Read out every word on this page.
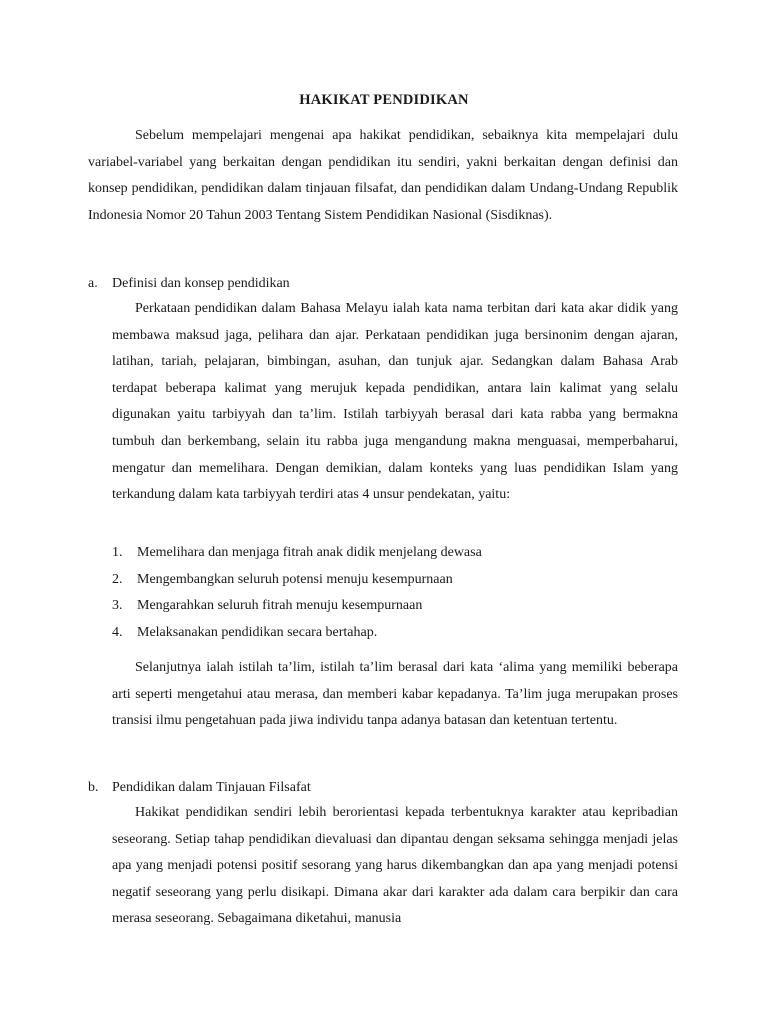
HAKIKAT PENDIDIKAN

Sebelum mempelajari mengenai apa hakikat pendidikan, sebaiknya kita mempelajari dulu variabel-variabel yang berkaitan dengan pendidikan itu sendiri, yakni berkaitan dengan definisi dan konsep pendidikan, pendidikan dalam tinjauan filsafat, dan pendidikan dalam Undang-Undang Republik Indonesia Nomor 20 Tahun 2003 Tentang Sistem Pendidikan Nasional (Sisdiknas).

a. Definisi dan konsep pendidikan

Perkataan pendidikan dalam Bahasa Melayu ialah kata nama terbitan dari kata akar didik yang membawa maksud jaga, pelihara dan ajar. Perkataan pendidikan juga bersinonim dengan ajaran, latihan, tariah, pelajaran, bimbingan, asuhan, dan tunjuk ajar. Sedangkan dalam Bahasa Arab terdapat beberapa kalimat yang merujuk kepada pendidikan, antara lain kalimat yang selalu digunakan yaitu tarbiyyah dan ta’lim. Istilah tarbiyyah berasal dari kata rabba yang bermakna tumbuh dan berkembang, selain itu rabba juga mengandung makna menguasai, memperbaharui, mengatur dan memelihara. Dengan demikian, dalam konteks yang luas pendidikan Islam yang terkandung dalam kata tarbiyyah terdiri atas 4 unsur pendekatan, yaitu:

1. Memelihara dan menjaga fitrah anak didik menjelang dewasa
2. Mengembangkan seluruh potensi menuju kesempurnaan
3. Mengarahkan seluruh fitrah menuju kesempurnaan
4. Melaksanakan pendidikan secara bertahap.

Selanjutnya ialah istilah ta’lim, istilah ta’lim berasal dari kata ‘alima yang memiliki beberapa arti seperti mengetahui atau merasa, dan memberi kabar kepadanya. Ta’lim juga merupakan proses transisi ilmu pengetahuan pada jiwa individu tanpa adanya batasan dan ketentuan tertentu.

b. Pendidikan dalam Tinjauan Filsafat

Hakikat pendidikan sendiri lebih berorientasi kepada terbentuknya karakter atau kepribadian seseorang. Setiap tahap pendidikan dievaluasi dan dipantau dengan seksama sehingga menjadi jelas apa yang menjadi potensi positif sesorang yang harus dikembangkan dan apa yang menjadi potensi negatif seseorang yang perlu disikapi. Dimana akar dari karakter ada dalam cara berpikir dan cara merasa seseorang. Sebagaimana diketahui, manusia
